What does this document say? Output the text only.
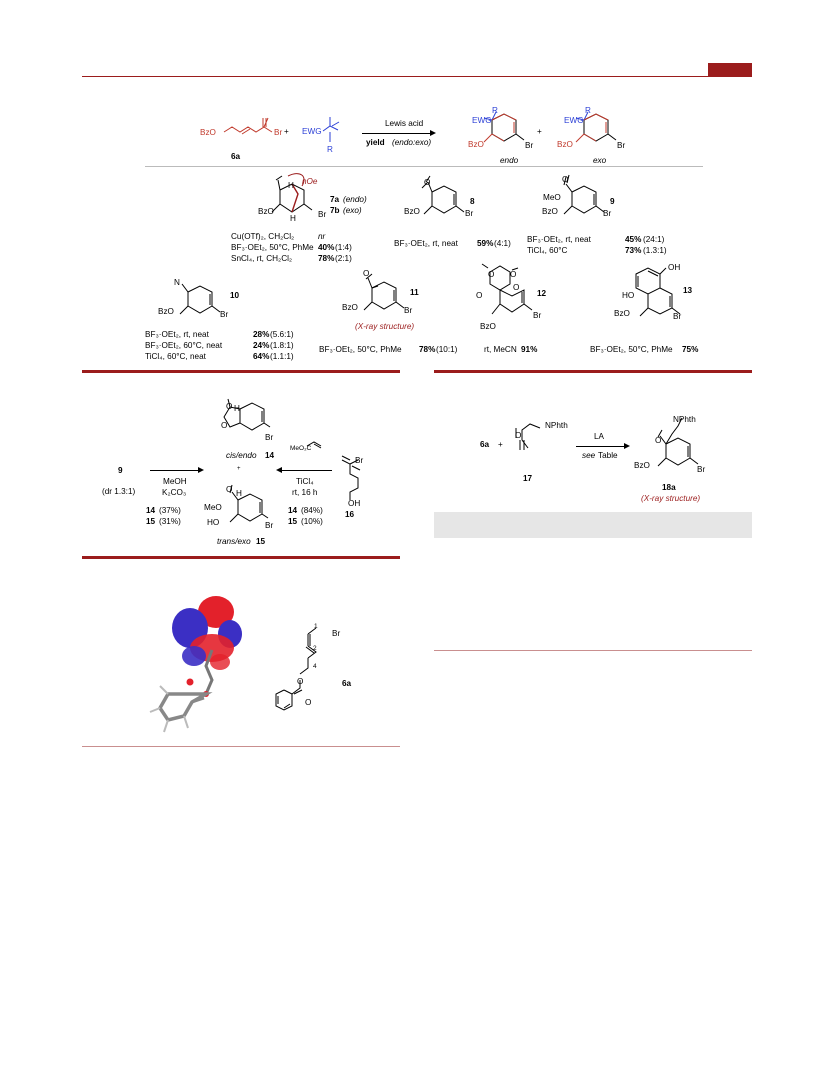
BzO	Br
6a
+ EWG
R
Lewis acid
yield (endo:exo)
EWG
R
BzO	Br
endo
+
EWG
R
BzO	Br
exo
H nOe
H
BzO	Br
7a (endo)
7b (exo)
Cu(OTf)₂, CH₂Cl₂	nr
BF₃·OEt₂, 50°C, PhMe 40% (1:4)
SnCl₄, rt, CH₂Cl₂	78% (2:1)
O
BzO	Br
8
BF₃·OEt₂, rt, neat 59% (4:1)
O
MeO
BzO	Br
9
BF₃·OEt₂, rt, neat	45% (24:1)
TiCl₄, 60°C	73% (1.3:1)
N
BzO	Br
10
BF₃·OEt₂, rt, neat	28% (5.6:1)
BF₃·OEt₂, 60°C, neat	24% (1.8:1)
TiCl₄, 60°C, neat	64% (1.1:1)
O
BzO	Br
11
(X-ray structure)
BF₃·OEt₂, 50°C, PhMe 78% (10:1)
O O
O
O
BzO
Br
12
rt, MeCN 91%
OH
HO
BzO	Br
13
BF₃·OEt₂, 50°C, PhMe 75%
O
O
H
Br
cis/endo 14
MeO₂C
+
9
MeOH
K₂CO₃
(dr 1.3:1)
14 (37%)
15 (31%)
O H
MeO
HO	Br
trans/exo 15
TiCl₄
rt, 16 h
14 (84%)
15 (10%)
Br
OH
16
6a +
O
NPhth
17
LA
see Table
NPhth
O
BzO	Br
18a
(X-ray structure)
1
Br
2
4
O
O
6a
